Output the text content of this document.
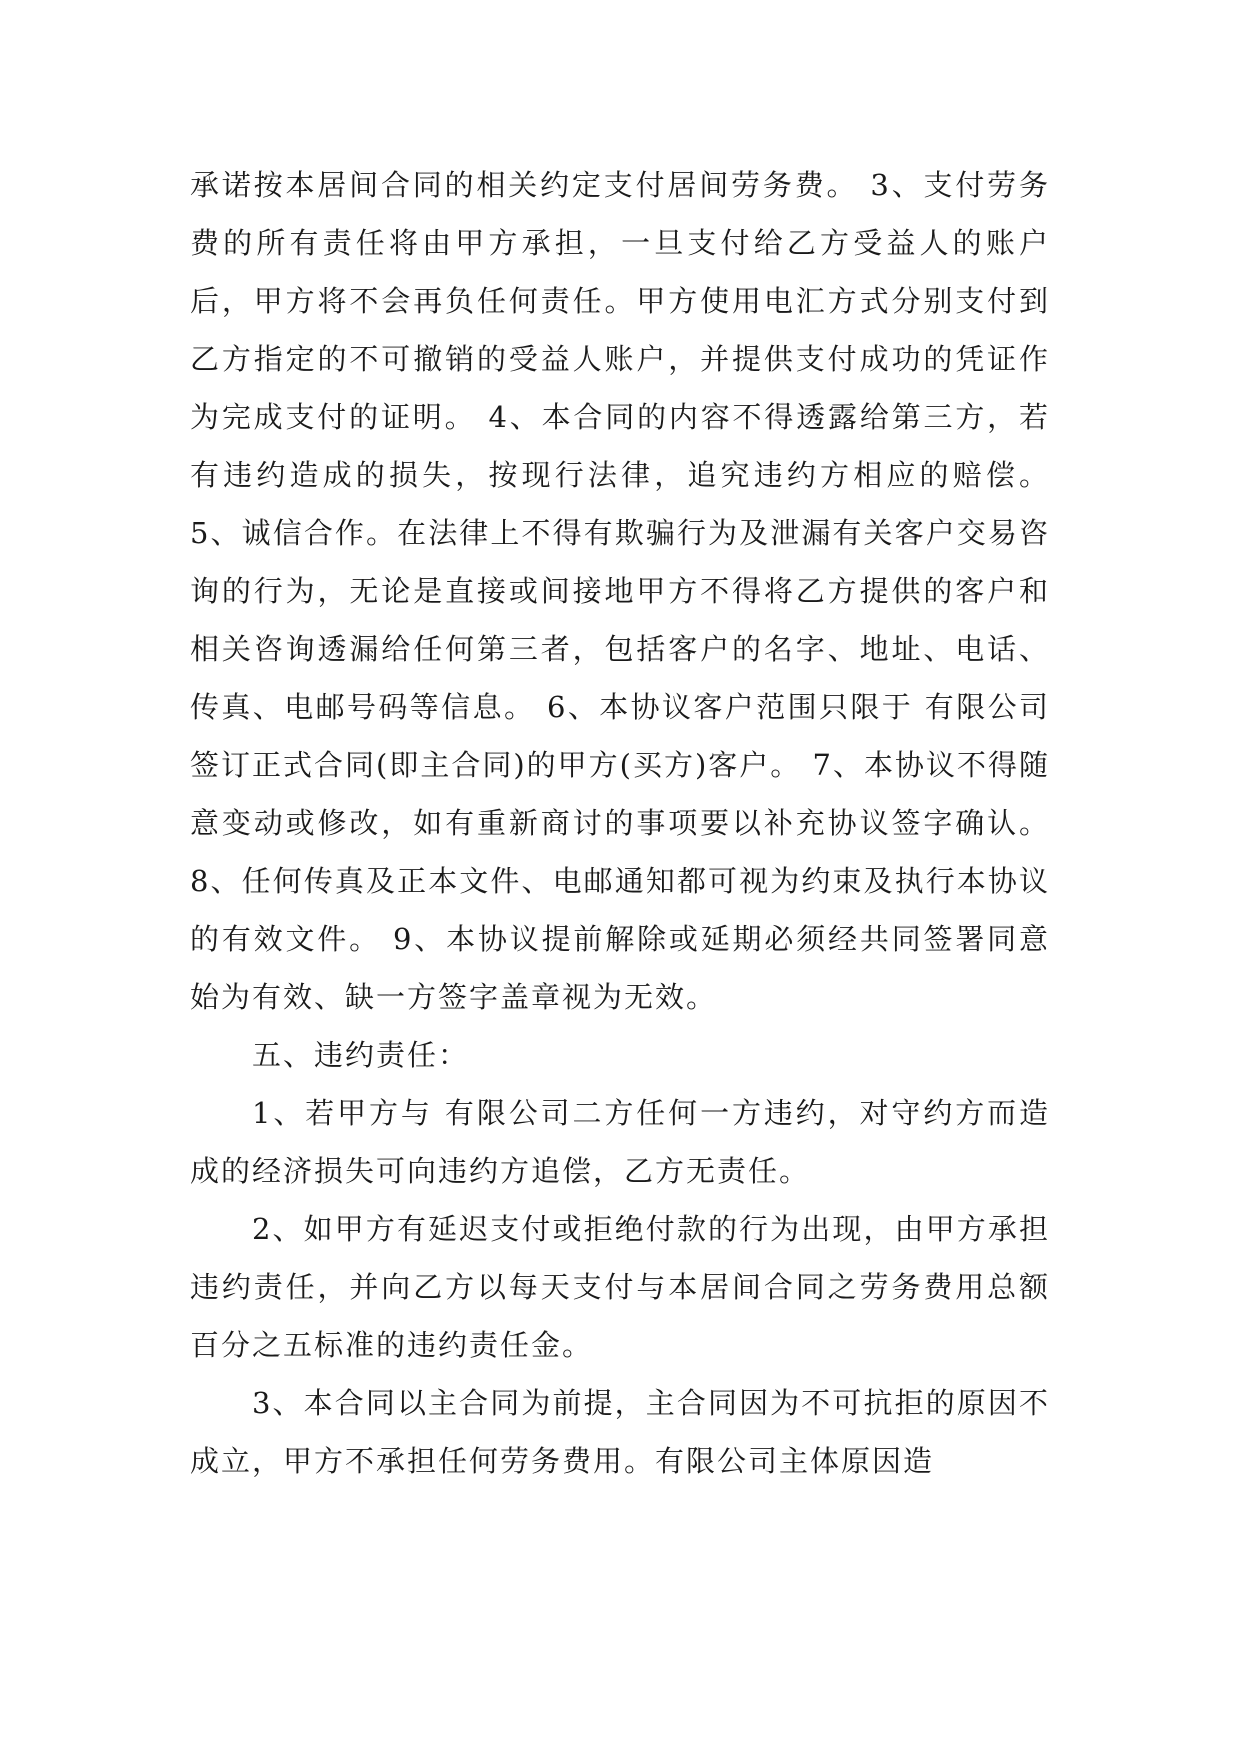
承诺按本居间合同的相关约定支付居间劳务费。 3、支付劳务费的所有责任将由甲方承担，一旦支付给乙方受益人的账户后，甲方将不会再负任何责任。甲方使用电汇方式分别支付到乙方指定的不可撤销的受益人账户，并提供支付成功的凭证作为完成支付的证明。 4、本合同的内容不得透露给第三方，若有违约造成的损失，按现行法律，追究违约方相应的赔偿。 5、诚信合作。在法律上不得有欺骗行为及泄漏有关客户交易咨询的行为，无论是直接或间接地甲方不得将乙方提供的客户和相关咨询透漏给任何第三者，包括客户的名字、地址、电话、传真、电邮号码等信息。 6、本协议客户范围只限于 有限公司签订正式合同(即主合同)的甲方(买方)客户。 7、本协议不得随意变动或修改，如有重新商讨的事项要以补充协议签字确认。 8、任何传真及正本文件、电邮通知都可视为约束及执行本协议的有效文件。 9、本协议提前解除或延期必须经共同签署同意始为有效、缺一方签字盖章视为无效。

五、违约责任：

1、若甲方与 有限公司二方任何一方违约，对守约方而造成的经济损失可向违约方追偿，乙方无责任。

2、如甲方有延迟支付或拒绝付款的行为出现，由甲方承担违约责任，并向乙方以每天支付与本居间合同之劳务费用总额百分之五标准的违约责任金。

3、本合同以主合同为前提，主合同因为不可抗拒的原因不成立，甲方不承担任何劳务费用。有限公司主体原因造
